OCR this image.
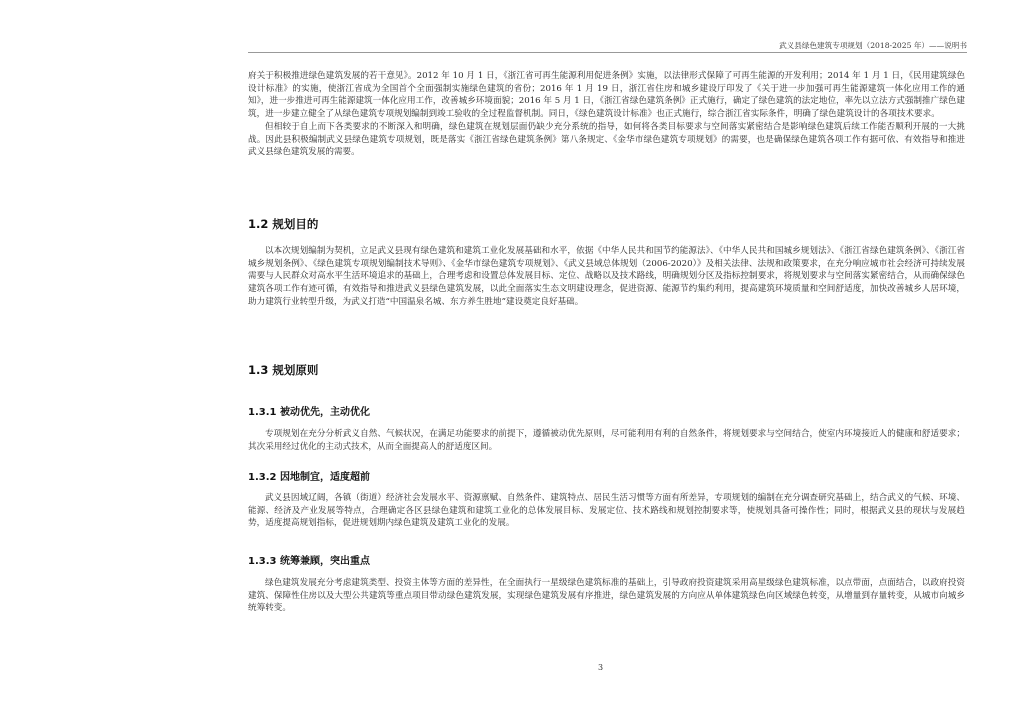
武义县绿色建筑专项规划（2018-2025 年）——说明书

府关于积极推进绿色建筑发展的若干意见》。2012 年 10 月 1 日，《浙江省可再生能源利用促进条例》实施，以法律形式保障了可再生能源的开发利用；2014 年 1 月 1 日，《民用建筑绿色设计标准》的实施，使浙江省成为全国首个全面强制实施绿色建筑的省份；2016 年 1 月 19 日，浙江省住房和城乡建设厅印发了《关于进一步加强可再生能源建筑一体化应用工作的通知》，进一步推进可再生能源建筑一体化应用工作，改善城乡环境面貌；2016 年 5 月 1 日，《浙江省绿色建筑条例》正式施行，确定了绿色建筑的法定地位，率先以立法方式强制推广绿色建筑，进一步建立健全了从绿色建筑专项规划编制到竣工验收的全过程监督机制。同日，《绿色建筑设计标准》也正式施行，综合浙江省实际条件，明确了绿色建筑设计的各项技术要求。

但相较于自上而下各类要求的不断深入和明确，绿色建筑在规划层面仍缺少充分系统的指导，如何将各类目标要求与空间落实紧密结合是影响绿色建筑后续工作能否顺利开展的一大挑战。因此县积极编制武义县绿色建筑专项规划，既是落实《浙江省绿色建筑条例》第八条规定、《金华市绿色建筑专项规划》的需要，也是确保绿色建筑各项工作有据可依、有效指导和推进武义县绿色建筑发展的需要。

1.2 规划目的
以本次规划编制为契机，立足武义县现有绿色建筑和建筑工业化发展基础和水平，依据《中华人民共和国节约能源法》、《中华人民共和国城乡规划法》、《浙江省绿色建筑条例》、《浙江省城乡规划条例》、《绿色建筑专项规划编制技术导则》、《金华市绿色建筑专项规划》、《武义县域总体规划（2006-2020）》及相关法律、法规和政策要求，在充分响应城市社会经济可持续发展需要与人民群众对高水平生活环境追求的基础上，合理考虑和设置总体发展目标、定位、战略以及技术路线，明确规划分区及指标控制要求，将规划要求与空间落实紧密结合，从而确保绿色建筑各项工作有迹可循，有效指导和推进武义县绿色建筑发展，以此全面落实生态文明建设理念，促进资源、能源节约集约利用，提高建筑环境质量和空间舒适度，加快改善城乡人居环境，助力建筑行业转型升级，为武义打造“中国温泉名城、东方养生胜地”建设奠定良好基础。
1.3 规划原则
1.3.1 被动优先，主动优化
专项规划在充分分析武义自然、气候状况，在满足功能要求的前提下，遵循被动优先原则，尽可能利用有利的自然条件，将规划要求与空间结合，使室内环境接近人的健康和舒适要求；其次采用经过优化的主动式技术，从而全面提高人的舒适度区间。
1.3.2 因地制宜，适度超前
武义县因域辽阔，各镇（街道）经济社会发展水平、资源禀赋、自然条件、建筑特点、居民生活习惯等方面有所差异，专项规划的编制在充分调查研究基础上，结合武义的气候、环境、能源、经济及产业发展等特点，合理确定各区县绿色建筑和建筑工业化的总体发展目标、发展定位、技术路线和规划控制要求等，使规划具备可操作性；同时，根据武义县的现状与发展趋势，适度提高规划指标，促进规划期内绿色建筑及建筑工业化的发展。
1.3.3 统筹兼顾，突出重点
绿色建筑发展充分考虑建筑类型、投资主体等方面的差异性，在全面执行一星级绿色建筑标准的基础上，引导政府投资建筑采用高星级绿色建筑标准，以点带面，点面结合，以政府投资建筑、保障性住房以及大型公共建筑等重点项目带动绿色建筑发展，实现绿色建筑发展有序推进，绿色建筑发展的方向应从单体建筑绿色向区域绿色转变，从增量到存量转变，从城市向城乡统筹转变。
3
